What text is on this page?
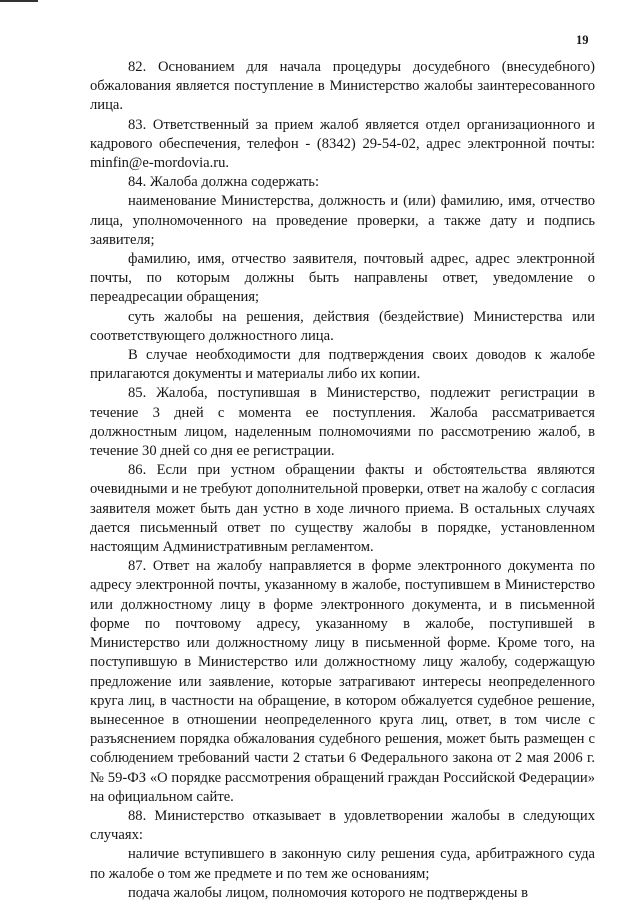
19

82. Основанием для начала процедуры досудебного (внесудебного) обжалования является поступление в Министерство жалобы заинтересованного лица.

83. Ответственный за прием жалоб является отдел организационного и кадрового обеспечения, телефон - (8342) 29-54-02, адрес электронной почты: minfin@e-mordovia.ru.

84. Жалоба должна содержать:

наименование Министерства, должность и (или) фамилию, имя, отчество лица, уполномоченного на проведение проверки, а также дату и подпись заявителя;

фамилию, имя, отчество заявителя, почтовый адрес, адрес электронной почты, по которым должны быть направлены ответ, уведомление о переадресации обращения;

суть жалобы на решения, действия (бездействие) Министерства или соответствующего должностного лица.

В случае необходимости для подтверждения своих доводов к жалобе прилагаются документы и материалы либо их копии.

85. Жалоба, поступившая в Министерство, подлежит регистрации в течение 3 дней с момента ее поступления. Жалоба рассматривается должностным лицом, наделенным полномочиями по рассмотрению жалоб, в течение 30 дней со дня ее регистрации.

86. Если при устном обращении факты и обстоятельства являются очевидными и не требуют дополнительной проверки, ответ на жалобу с согласия заявителя может быть дан устно в ходе личного приема. В остальных случаях дается письменный ответ по существу жалобы в порядке, установленном настоящим Административным регламентом.

87. Ответ на жалобу направляется в форме электронного документа по адресу электронной почты, указанному в жалобе, поступившем в Министерство или должностному лицу в форме электронного документа, и в письменной форме по почтовому адресу, указанному в жалобе, поступившей в Министерство или должностному лицу в письменной форме. Кроме того, на поступившую в Министерство или должностному лицу жалобу, содержащую предложение или заявление, которые затрагивают интересы неопределенного круга лиц, в частности на обращение, в котором обжалуется судебное решение, вынесенное в отношении неопределенного круга лиц, ответ, в том числе с разъяснением порядка обжалования судебного решения, может быть размещен с соблюдением требований части 2 статьи 6 Федерального закона от 2 мая 2006 г. № 59-ФЗ «О порядке рассмотрения обращений граждан Российской Федерации» на официальном сайте.

88. Министерство отказывает в удовлетворении жалобы в следующих случаях:

наличие вступившего в законную силу решения суда, арбитражного суда по жалобе о том же предмете и по тем же основаниям;

подача жалобы лицом, полномочия которого не подтверждены в
